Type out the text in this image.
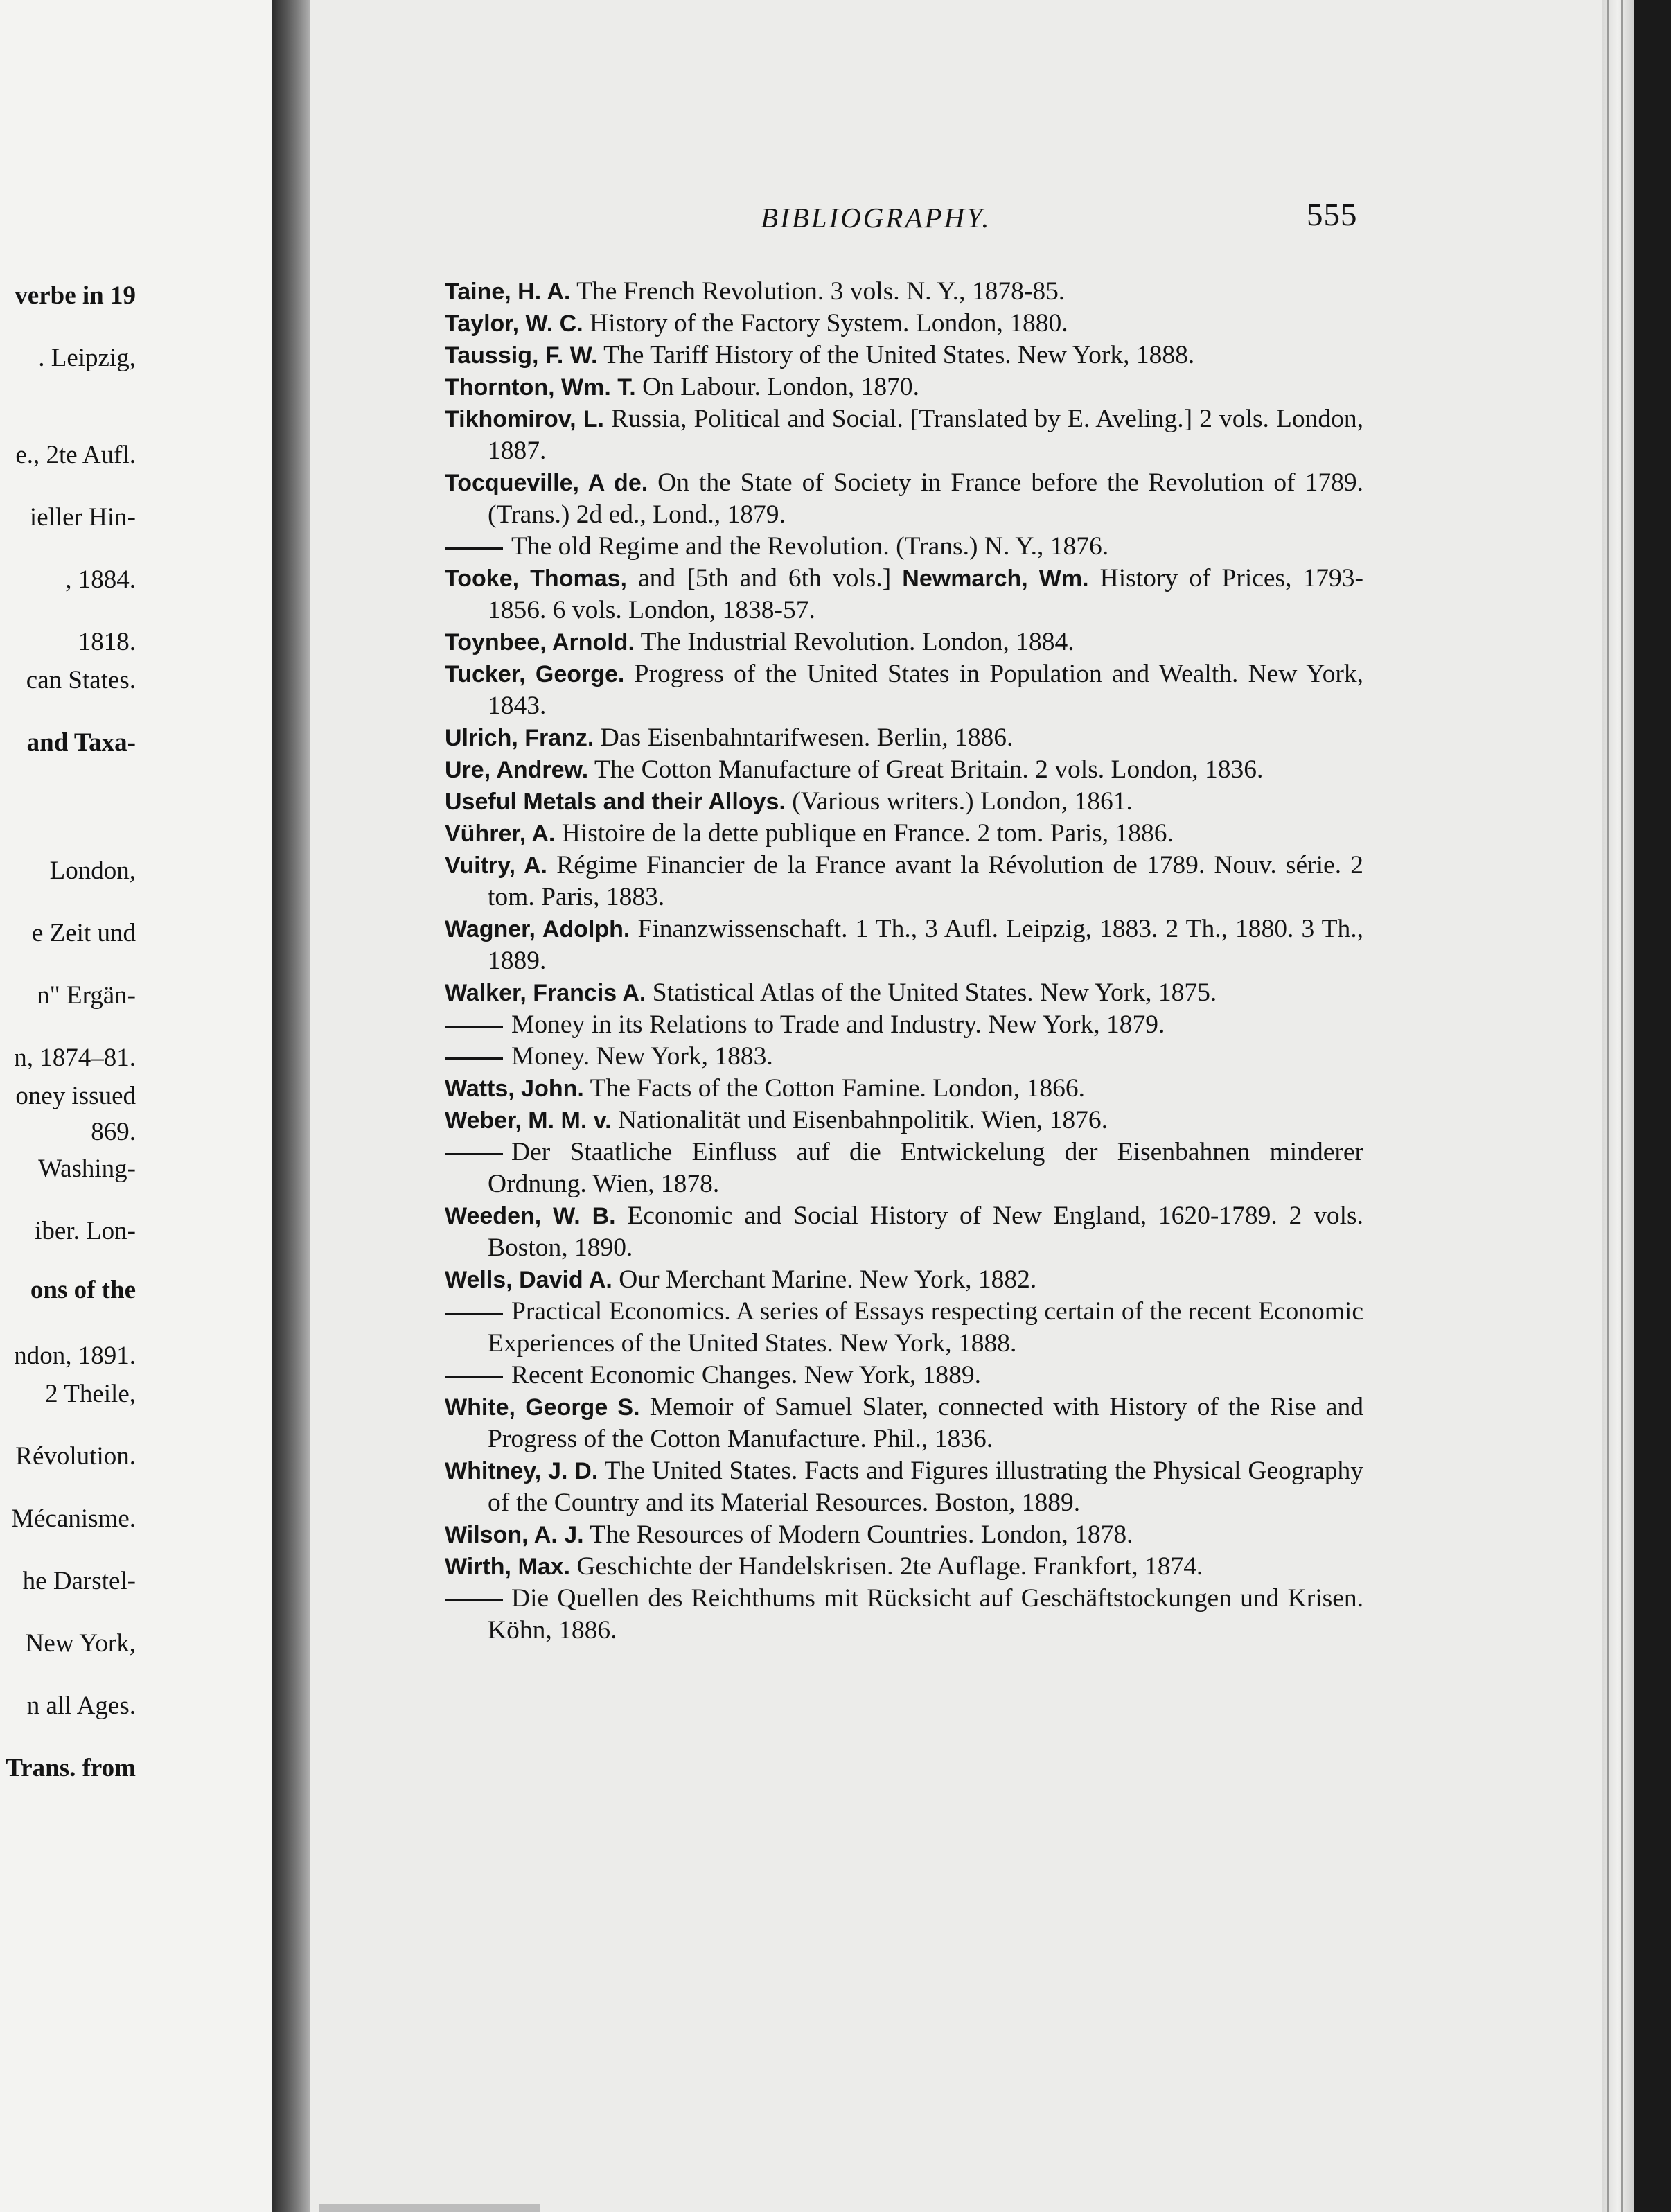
verbe in 19
. Leipzig,
e., 2te Aufl.
ieller Hin-
, 1884.
1818.
can States.
and Taxa-
London,
e Zeit und
n" Ergän-
n, 1874–81.
oney issued
869.
Washing-
iber. Lon-
ons of the
ndon, 1891.
2 Theile,
Révolution.
Mécanisme.
he Darstel-
New York,
n all Ages.
Trans. from
BIBLIOGRAPHY.	555
Taine, H. A. The French Revolution. 3 vols. N. Y., 1878-85.
Taylor, W. C. History of the Factory System. London, 1880.
Taussig, F. W. The Tariff History of the United States. New York, 1888.
Thornton, Wm. T. On Labour. London, 1870.
Tikhomirov, L. Russia, Political and Social. [Translated by E. Aveling.] 2 vols. London, 1887.
Tocqueville, A de. On the State of Society in France before the Revolution of 1789. (Trans.) 2d ed., Lond., 1879.
The old Regime and the Revolution. (Trans.) N. Y., 1876.
Tooke, Thomas, and [5th and 6th vols.] Newmarch, Wm. History of Prices, 1793-1856. 6 vols. London, 1838-57.
Toynbee, Arnold. The Industrial Revolution. London, 1884.
Tucker, George. Progress of the United States in Population and Wealth. New York, 1843.
Ulrich, Franz. Das Eisenbahntarifwesen. Berlin, 1886.
Ure, Andrew. The Cotton Manufacture of Great Britain. 2 vols. London, 1836.
Useful Metals and their Alloys. (Various writers.) London, 1861.
Vührer, A. Histoire de la dette publique en France. 2 tom. Paris, 1886.
Vuitry, A. Régime Financier de la France avant la Révolution de 1789. Nouv. série. 2 tom. Paris, 1883.
Wagner, Adolph. Finanzwissenschaft. 1 Th., 3 Aufl. Leipzig, 1883. 2 Th., 1880. 3 Th., 1889.
Walker, Francis A. Statistical Atlas of the United States. New York, 1875.
Money in its Relations to Trade and Industry. New York, 1879.
Money. New York, 1883.
Watts, John. The Facts of the Cotton Famine. London, 1866.
Weber, M. M. v. Nationalität und Eisenbahnpolitik. Wien, 1876.
Der Staatliche Einfluss auf die Entwickelung der Eisenbahnen minderer Ordnung. Wien, 1878.
Weeden, W. B. Economic and Social History of New England, 1620-1789. 2 vols. Boston, 1890.
Wells, David A. Our Merchant Marine. New York, 1882.
Practical Economics. A series of Essays respecting certain of the recent Economic Experiences of the United States. New York, 1888.
Recent Economic Changes. New York, 1889.
White, George S. Memoir of Samuel Slater, connected with History of the Rise and Progress of the Cotton Manufacture. Phil., 1836.
Whitney, J. D. The United States. Facts and Figures illustrating the Physical Geography of the Country and its Material Resources. Boston, 1889.
Wilson, A. J. The Resources of Modern Countries. London, 1878.
Wirth, Max. Geschichte der Handelskrisen. 2te Auflage. Frankfort, 1874.
Die Quellen des Reichthums mit Rücksicht auf Geschäftstockungen und Krisen. Köhn, 1886.
